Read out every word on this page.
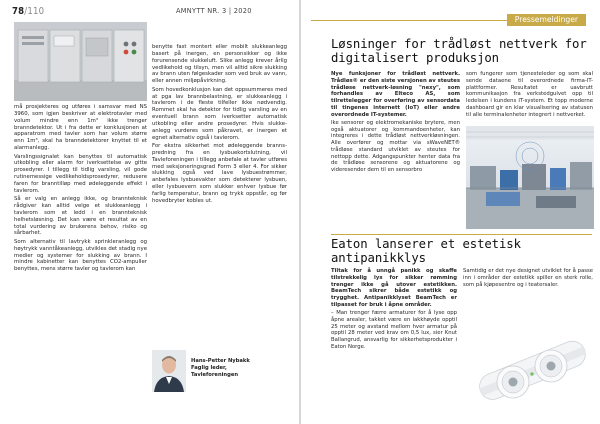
78/110	AMNYTT NR. 3 | 2020

må prosjekteres og utføres i samsvar med NS 3960, som igjen beskriver at elektrotavler med volum mindre enn 1m³ ikke trenger branndetektor. Ut i fra dette er konklusjonen at apparatrom med tavler som har volum større enn 1m³, skal ha branndetektorer knyttet til et alarmanlegg.

Varslingssignalet kan benyttes til automatisk utkobling eller alarm for iverksettelse av gitte prosedyrer. I tillegg til tidlig varsling, vil gode rutinemessige vedlikeholdsprosedyrer, redusere faren for branntilløp med ødeleggende effekt i tavlerom.

Så er valg en anlegg ikke, og brannteknisk rådgiver kan alltid velge et slukkeanlegg i tavlerom som et ledd i en brannteknisk helhetsløsning. Det kan være et resultat av en total vurdering av brukerens behov, risiko og sårbarhet.

Som alternativ til lavtrykk sprinkleranlegg og høytrykk vanntåkeanlegg, utvikles det stadig nye medier og systemer for slukking av brann. I mindre kabinetter kan benyttes CO2-ampuller benyttes, mens større tavler og tavlerom kan

benytte fast montert eller mobilt slukkeanlegg basert på inergen, en personsikker og ikke forurensende slukkeluft. Slike anlegg krever årlig vedlikehold og tilsyn, men vil alltid sikre slukking av brann uten følgeskader som ved bruk av vann, eller annen miljøpåvirkning.

Som hovedkonklusjon kan det oppsummeres med at pga lav brannbelastning, er slukkeanlegg i tavlerom i de fleste tilfeller ikke nødvendig. Rommet skal ha detektor for tidlig varsling av en eventuell brann som iverksetter automatisk utkobling eller andre prosedyrer. Hvis slukkeanlegg vurderes som påkravet, er inergen et egnet alternativ også i tavlerom.

For ekstra sikkerhet mot ødeleggende brannspredning fra en lysbuekortslutning, vil Tavleforeningen i tillegg anbefale at tavler utføres med seksjoneringsgrad Form 3 eller 4. For sikker slukking også ved lave lysbuestrømmer, anbefales lysbuevakter som detekterer lysbuen, eller lysbuevern som slukker enhver lysbue før farlig temperatur, brann og trykk oppstår, og før hovedbryter kobles ut.

Hans-Petter Nybakk
Faglig leder,
Tavleforeningen
Pressemeldinger
Løsninger for trådløst nettverk for digitalisert produksjon

Nye funksjoner for trådløst nettverk. Trådløs® er den siste versjonen av steutes trådløse nettverk-løsning "nexy", som forhandles av Elteco AS, som tilrettelegger for overføring av sensordata til tingenes internett (IoT) eller andre overordnede IT-systemer.

Ike sensorer og elektromekaniske brytere, men også aktuatorer og kommandoenheter, kan integreres i dette trådløst nettverkløsningen. Alle overfører og mottar via sWaveNET® trådløse standard utviklet av steutes for nettopp dette. Adgangspunkter henter data fra de trådløse sensorene og aktuatorene og videresender dem til en sensorbro

som fungerer som tjenesteleder og som skal sende dataene til overordnede firma-IT-plattformer. Resultatet er uavbrutt kommunikasjon fra verkstedgulvet opp til ledelsen i kundens IT-system. Et topp moderne dashboard gir en klar visualisering av statusen til alle terminalenheter integrert i nettverket.

Eaton lanserer et estetisk antipanikklys

Tiltak for å unngå panikk og skaffe tilstrekkelig lys for sikker rømming trenger ikke gå utover estetikken. BeamTech sikrer både estetikk og trygghet. Antipanikklyset BeamTech er tilpasset for bruk i åpne områder.

– Man trenger færre armaturer for å lyse opp åpne arealer, takket være en lakkhøyde opptil 25 meter og avstand mellom hver armatur på opptil 28 meter ved krav om 0,5 lux, sier Knut Ballangrud, ansvarlig for sikkerhetsprodukter i Eaton Norge.

Samtidig er det nye designet utviklet for å passe inn i områder der estetikk spiller en sterk rolle, som på kjøpesentre og i teatersaler.
